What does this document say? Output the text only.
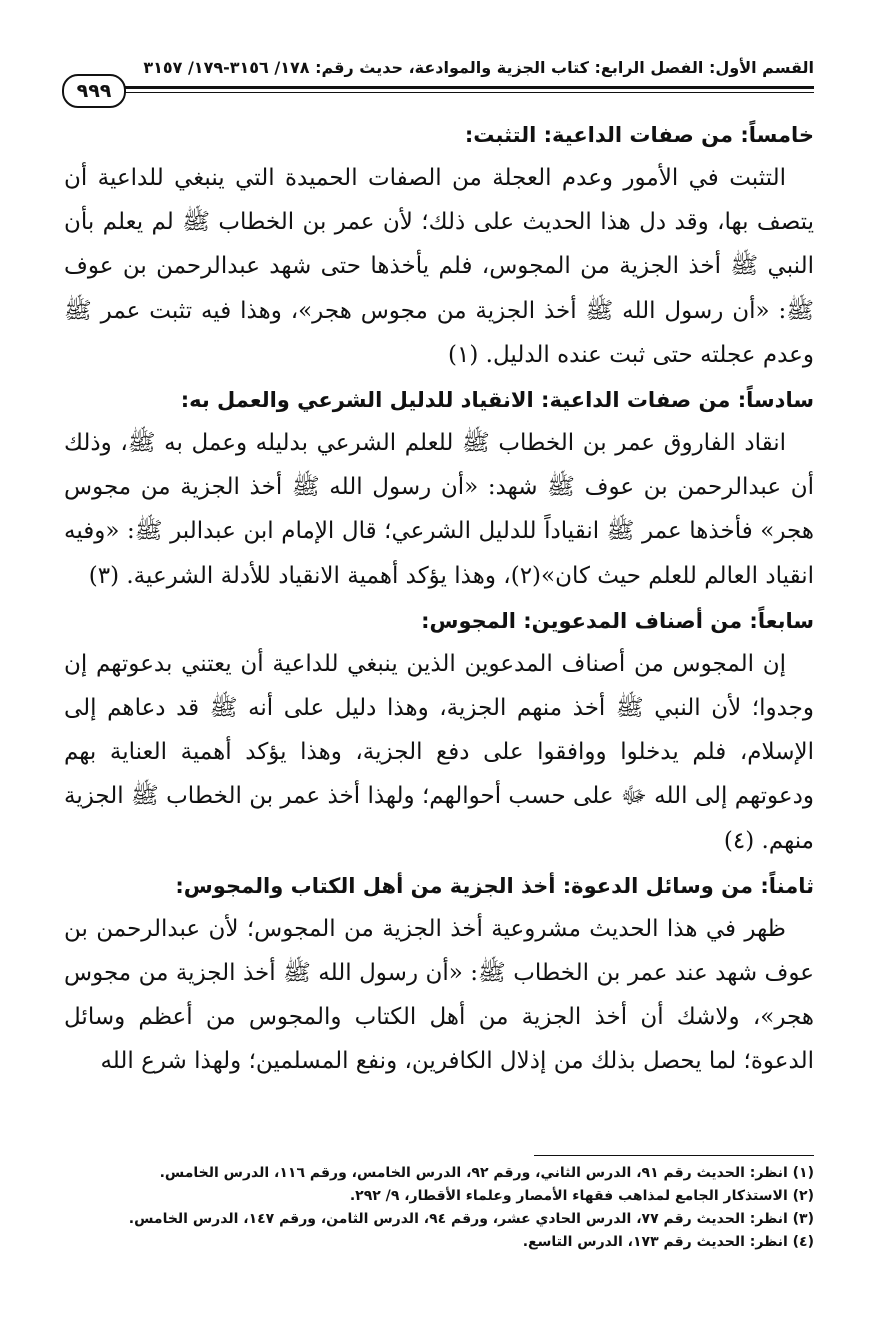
القسم الأول: الفصل الرابع: كتاب الجزية والموادعة، حديث رقم: ١٧٨/ ٣١٥٦-١٧٩/ ٣١٥٧
٩٩٩
خامساً: من صفات الداعية: التثبت:

التثبت في الأمور وعدم العجلة من الصفات الحميدة التي ينبغي للداعية أن يتصف بها، وقد دل هذا الحديث على ذلك؛ لأن عمر بن الخطاب ﷺ لم يعلم بأن النبي ﷺ أخذ الجزية من المجوس، فلم يأخذها حتى شهد عبدالرحمن بن عوف ﷺ: «أن رسول الله ﷺ أخذ الجزية من مجوس هجر»، وهذا فيه تثبت عمر ﷺ وعدم عجلته حتى ثبت عنده الدليل. (١)

سادساً: من صفات الداعية: الانقياد للدليل الشرعي والعمل به:

انقاد الفاروق عمر بن الخطاب ﷺ للعلم الشرعي بدليله وعمل به ﷺ، وذلك أن عبدالرحمن بن عوف ﷺ شهد: «أن رسول الله ﷺ أخذ الجزية من مجوس هجر» فأخذها عمر ﷺ انقياداً للدليل الشرعي؛ قال الإمام ابن عبدالبر ﷺ: «وفيه انقياد العالم للعلم حيث كان»(٢)، وهذا يؤكد أهمية الانقياد للأدلة الشرعية. (٣)

سابعاً: من أصناف المدعوين: المجوس:

إن المجوس من أصناف المدعوين الذين ينبغي للداعية أن يعتني بدعوتهم إن وجدوا؛ لأن النبي ﷺ أخذ منهم الجزية، وهذا دليل على أنه ﷺ قد دعاهم إلى الإسلام، فلم يدخلوا ووافقوا على دفع الجزية، وهذا يؤكد أهمية العناية بهم ودعوتهم إلى الله ﷻ على حسب أحوالهم؛ ولهذا أخذ عمر بن الخطاب ﷺ الجزية منهم. (٤)

ثامناً: من وسائل الدعوة: أخذ الجزية من أهل الكتاب والمجوس:

ظهر في هذا الحديث مشروعية أخذ الجزية من المجوس؛ لأن عبدالرحمن بن عوف شهد عند عمر بن الخطاب ﷺ: «أن رسول الله ﷺ أخذ الجزية من مجوس هجر»، ولاشك أن أخذ الجزية من أهل الكتاب والمجوس من أعظم وسائل الدعوة؛ لما يحصل بذلك من إذلال الكافرين، ونفع المسلمين؛ ولهذا شرع الله

(١) انظر: الحديث رقم ٩١، الدرس الثاني، ورقم ٩٢، الدرس الخامس، ورقم ١١٦، الدرس الخامس.
(٢) الاستذكار الجامع لمذاهب فقهاء الأمصار وعلماء الأقطار، ٩/ ٢٩٢.
(٣) انظر: الحديث رقم ٧٧، الدرس الحادي عشر، ورقم ٩٤، الدرس الثامن، ورقم ١٤٧، الدرس الخامس.
(٤) انظر: الحديث رقم ١٧٣، الدرس التاسع.
